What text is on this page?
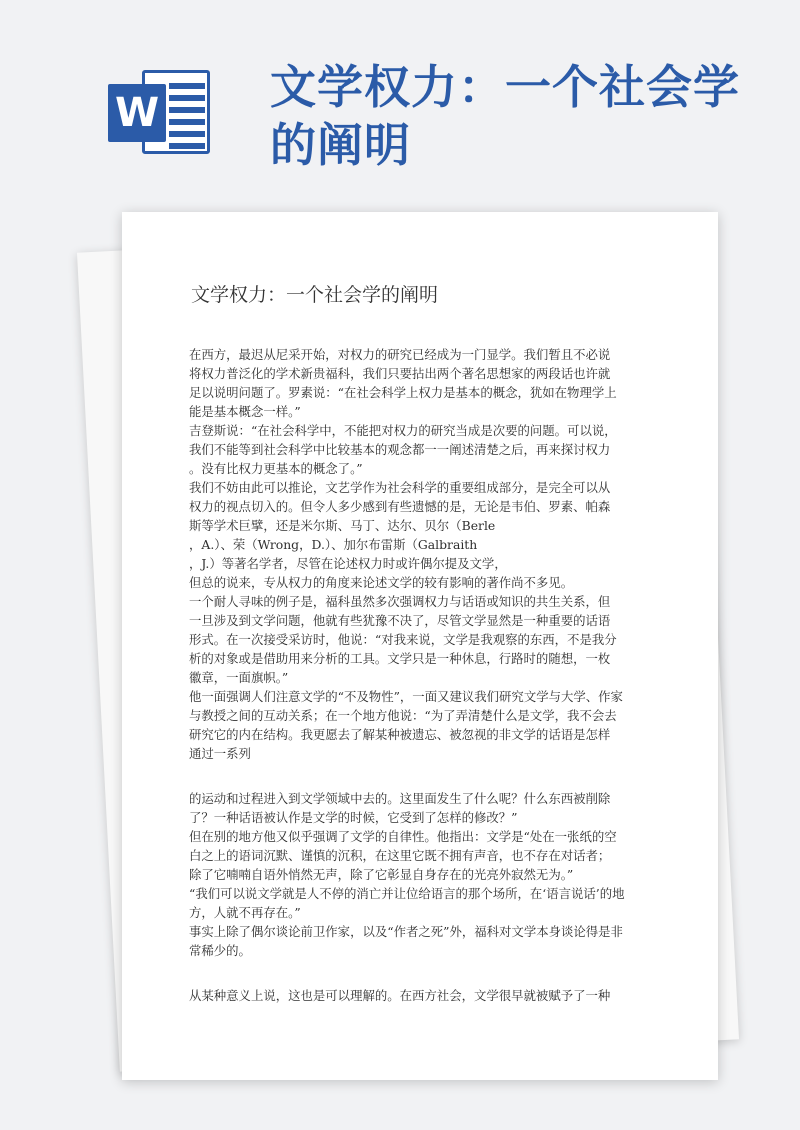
W 文学权力：一个社会学的阐明
文学权力：一个社会学的阐明

在西方，最迟从尼采开始，对权力的研究已经成为一门显学。我们暂且不必说

将权力普泛化的学术新贵福科，我们只要拈出两个著名思想家的两段话也许就

足以说明问题了。罗素说：“在社会科学上权力是基本的概念，犹如在物理学上

能是基本概念一样。”

吉登斯说：“在社会科学中，不能把对权力的研究当成是次要的问题。可以说，

我们不能等到社会科学中比较基本的观念都一一阐述清楚之后，再来探讨权力

。没有比权力更基本的概念了。”

我们不妨由此可以推论，文艺学作为社会科学的重要组成部分，是完全可以从

权力的视点切入的。但令人多少感到有些遗憾的是，无论是韦伯、罗素、帕森

斯等学术巨擘，还是米尔斯、马丁、达尔、贝尔（Berle

，A.）、荣（Wrong，D.）、加尔布雷斯（Galbraith

，J.）等著名学者，尽管在论述权力时或许偶尔提及文学，

但总的说来，专从权力的角度来论述文学的较有影响的著作尚不多见。

一个耐人寻味的例子是，福科虽然多次强调权力与话语或知识的共生关系，但

一旦涉及到文学问题，他就有些犹豫不决了，尽管文学显然是一种重要的话语

形式。在一次接受采访时，他说：“对我来说，文学是我观察的东西，不是我分

析的对象或是借助用来分析的工具。文学只是一种休息，行路时的随想，一枚

徽章，一面旗帜。”

他一面强调人们注意文学的“不及物性”，一面又建议我们研究文学与大学、作家

与教授之间的互动关系；在一个地方他说：“为了弄清楚什么是文学，我不会去

研究它的内在结构。我更愿去了解某种被遗忘、被忽视的非文学的话语是怎样

通过一系列

的运动和过程进入到文学领域中去的。这里面发生了什么呢？什么东西被削除

了？一种话语被认作是文学的时候，它受到了怎样的修改？”

但在别的地方他又似乎强调了文学的自律性。他指出：文学是“处在一张纸的空

白之上的语词沉默、谨慎的沉积，在这里它既不拥有声音，也不存在对话者；

除了它喃喃自语外悄然无声，除了它彰显自身存在的光亮外寂然无为。”

“我们可以说文学就是人不停的消亡并让位给语言的那个场所，在‘语言说话’的地

方，人就不再存在。”

事实上除了偶尔谈论前卫作家，以及“作者之死”外，福科对文学本身谈论得是非

常稀少的。

从某种意义上说，这也是可以理解的。在西方社会，文学很早就被赋予了一种
